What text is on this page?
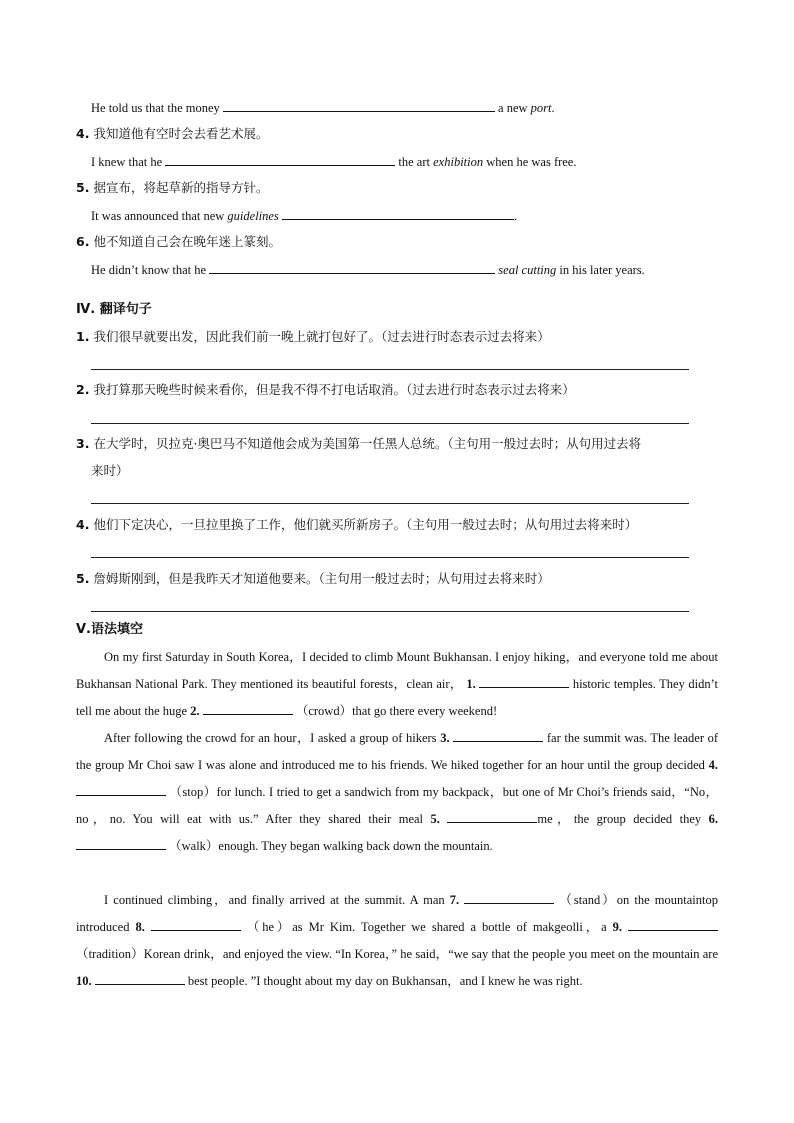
He told us that the money	a new port.
4. 我知道他有空时会去看艺术展。
I knew that he	the art exhibition when he was free.
5. 据宣布，将起草新的指导方针。
It was announced that new guidelines	.
6. 他不知道自己会在晚年迷上篆刻。
He didn’t know that he	seal cutting in his later years.
Ⅳ. 翻译句子
1. 我们很早就要出发，因此我们前一晚上就打包好了。（过去进行时态表示过去将来）
2. 我打算那天晚些时候来看你，但是我不得不打电话取消。（过去进行时态表示过去将来）
3. 在大学时，贝拉克·奥巴马不知道他会成为美国第一任黑人总统。（主句用一般过去时；从句用过去将
来时）
4. 他们下定决心，一旦拉里换了工作，他们就买所新房子。（主句用一般过去时；从句用过去将来时）
5. 詹姆斯刚到，但是我昨天才知道他要来。（主句用一般过去时；从句用过去将来时）
Ⅴ.语法填空
On my first Saturday in South Korea，I decided to climb Mount Bukhansan. I enjoy hiking，and everyone told me about Bukhansan National Park. They mentioned its beautiful forests，clean air， 1.	historic temples. They didn’t tell me about the huge 2.	（crowd）that go there every weekend!
After following the crowd for an hour，I asked a group of hikers 3.	far the summit was. The leader of the group Mr Choi saw I was alone and introduced me to his friends. We hiked together for an hour until the group decided 4.  （stop）for lunch. I tried to get a sandwich from my backpack，but one of Mr Choi’s friends said，“No，no，no. You will eat with us.” After they shared their meal 5.	me，the group decided they 6.  （walk）enough. They began walking back down the mountain.
I continued climbing，and finally arrived at the summit. A man 7.	（stand）on the mountaintop introduced 8.	（he）as Mr Kim. Together we shared a bottle of makgeolli，a 9.  （tradition）Korean drink，and enjoyed the view. “In Korea，” he said，“we say that the people you meet on the mountain are 10.	best people. ”I thought about my day on Bukhansan，and I knew he was right.
